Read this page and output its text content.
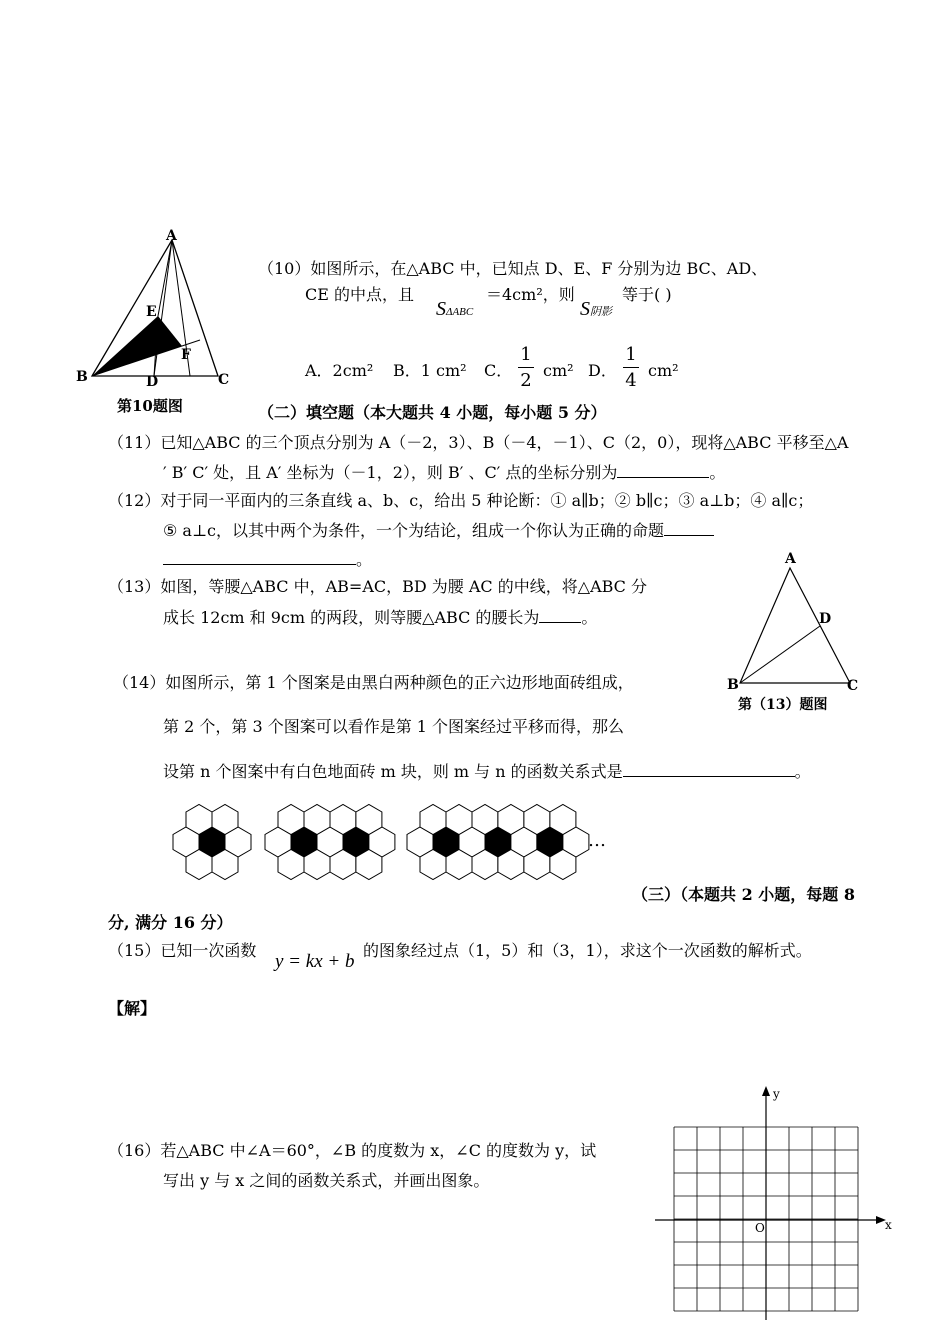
A
E
F
B	D	C
第10题图
（10）如图所示，在△ABC 中，已知点 D、E、F 分别为边 BC、AD、
CE 的中点，且
SΔABC
＝4cm²，则
S阴影
等于( )
A．2cm² B．1 cm² C．
1
2 cm² D．
1
4 cm²
（二）填空题（本大题共 4 小题，每小题 5 分）
（11）已知△ABC 的三个顶点分别为 A（－2，3）、B（－4，－1）、C（2，0），现将△ABC 平移至△A
′ B′ C′ 处，且 A′ 坐标为（－1，2），则 B′ 、C′ 点的坐标分别为	。
（12）对于同一平面内的三条直线 a、b、c，给出 5 种论断：① a∥b；② b∥c；③ a⊥b；④ a∥c；
⑤ a⊥c，以其中两个为条件，一个为结论，组成一个你认为正确的命题
。
（13）如图，等腰△ABC 中，AB=AC，BD 为腰 AC 的中线，将△ABC 分
成长 12cm 和 9cm 的两段，则等腰△ABC 的腰长为	。
A
D
B	C
第（13）题图
（14）如图所示，第 1 个图案是由黑白两种颜色的正六边形地面砖组成，
第 2 个，第 3 个图案可以看作是第 1 个图案经过平移而得，那么
设第 n 个图案中有白色地面砖 m 块，则 m 与 n 的函数关系式是	。
…
（三）（本题共 2 小题，每题 8
分, 满分 16 分）
（15）已知一次函数
y = kx + b
的图象经过点（1，5）和（3，1），求这个一次函数的解析式。
【解】
（16）若△ABC 中∠A＝60°，∠B 的度数为 x，∠C 的度数为 y，试
写出 y 与 x 之间的函数关系式，并画出图象。
y
x
O
